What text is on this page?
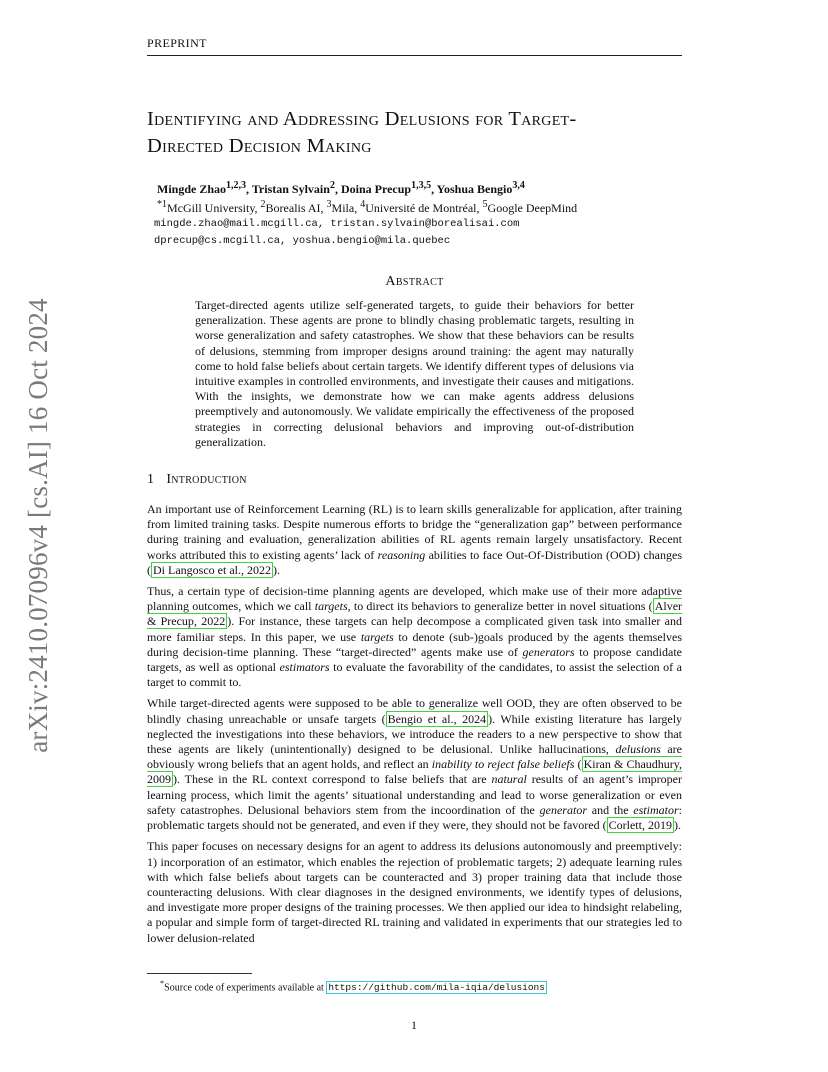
arXiv:2410.07096v4 [cs.AI] 16 Oct 2024
PREPRINT
Identifying and Addressing Delusions for Target-
Directed Decision Making
Mingde Zhao$^{1,2,3}$, Tristan Sylvain$^2$, Doina Precup$^{1,3,5}$, Yoshua Bengio$^{3,4}$
$^{*1}$McGill University, $^2$Borealis AI, $^3$Mila, $^4$Université de Montréal, $^5$Google DeepMind
mingde.zhao@mail.mcgill.ca, tristan.sylvain@borealisai.com
dprecup@cs.mcgill.ca, yoshua.bengio@mila.quebec
Abstract
Target-directed agents utilize self-generated targets, to guide their behaviors for better generalization. These agents are prone to blindly chasing problematic targets, resulting in worse generalization and safety catastrophes. We show that these behaviors can be results of delusions, stemming from improper designs around training: the agent may naturally come to hold false beliefs about certain targets. We identify different types of delusions via intuitive examples in controlled environments, and investigate their causes and mitigations. With the insights, we demonstrate how we can make agents address delusions preemptively and autonomously. We validate empirically the effectiveness of the proposed strategies in correcting delusional behaviors and improving out-of-distribution generalization.
1 Introduction

An important use of Reinforcement Learning (RL) is to learn skills generalizable for application, after training from limited training tasks. Despite numerous efforts to bridge the “generalization gap” between performance during training and evaluation, generalization abilities of RL agents remain largely unsatisfactory. Recent works attributed this to existing agents’ lack of reasoning abilities to face Out-Of-Distribution (OOD) changes ( Di Langosco et al., 2022 ).

Thus, a certain type of decision-time planning agents are developed, which make use of their more adaptive planning outcomes, which we call targets, to direct its behaviors to generalize better in novel situations ( Alver & Precup, 2022 ). For instance, these targets can help decompose a complicated given task into smaller and more familiar steps. In this paper, we use targets to denote (sub-)goals produced by the agents themselves during decision-time planning. These “target-directed” agents make use of generators to propose candidate targets, as well as optional estimators to evaluate the favorability of the candidates, to assist the selection of a target to commit to.

While target-directed agents were supposed to be able to generalize well OOD, they are often observed to be blindly chasing unreachable or unsafe targets ( Bengio et al., 2024 ). While existing literature has largely neglected the investigations into these behaviors, we introduce the readers to a new perspective to show that these agents are likely (unintentionally) designed to be delusional. Unlike hallucinations, delusions are obviously wrong beliefs that an agent holds, and reflect an inability to reject false beliefs ( Kiran & Chaudhury, 2009 ). These in the RL context correspond to false beliefs that are natural results of an agent’s improper learning process, which limit the agents’ situational understanding and lead to worse generalization or even safety catastrophes. Delusional behaviors stem from the incoordination of the generator and the estimator: problematic targets should not be generated, and even if they were, they should not be favored ( Corlett, 2019 ).

This paper focuses on necessary designs for an agent to address its delusions autonomously and preemptively: 1) incorporation of an estimator, which enables the rejection of problematic targets; 2) adequate learning rules with which false beliefs about targets can be counteracted and 3) proper training data that include those counteracting delusions. With clear diagnoses in the designed environments, we identify types of delusions, and investigate more proper designs of the training processes. We then applied our idea to hindsight relabeling, a popular and simple form of target-directed RL training and validated in experiments that our strategies led to lower delusion-related

*Source code of experiments available at https://github.com/mila-iqia/delusions
1
